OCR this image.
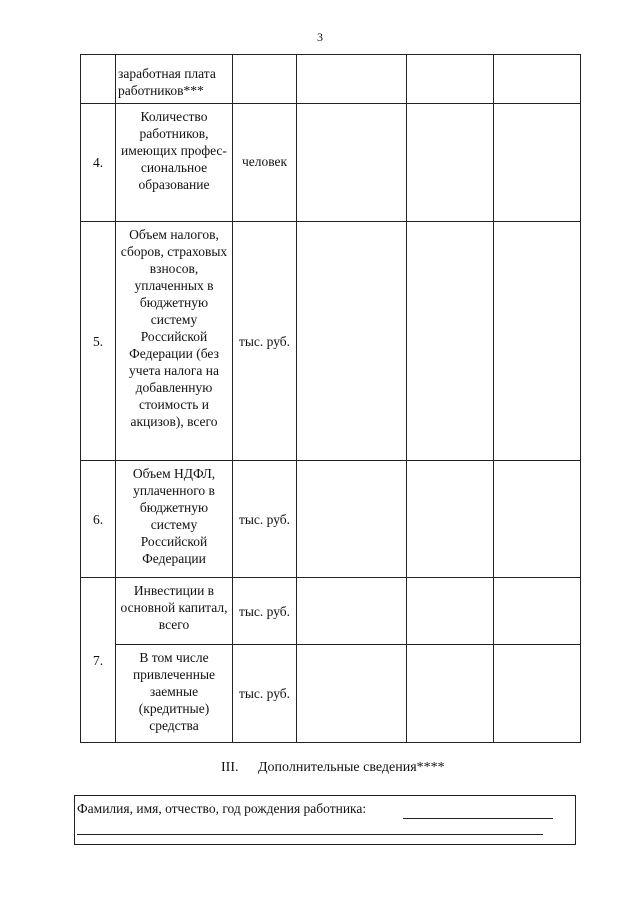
3
	заработная плата работников***				
4.	Количество работников, имеющих профес-сиональное образование	человек			
5.	Объем налогов, сборов, страховых взносов, уплаченных в бюджетную систему Российской Федерации (без учета налога на добавленную стоимость и акцизов), всего	тыс. руб.			
6.	Объем НДФЛ, уплаченного в бюджетную систему Российской Федерации	тыс. руб.			
7.	Инвестиции в основной капитал, всего	тыс. руб.			
	В том числе привлеченные заемные (кредитные) средства	тыс. руб.			
III. Дополнительные сведения****
Фамилия, имя, отчество, год рождения работника:
